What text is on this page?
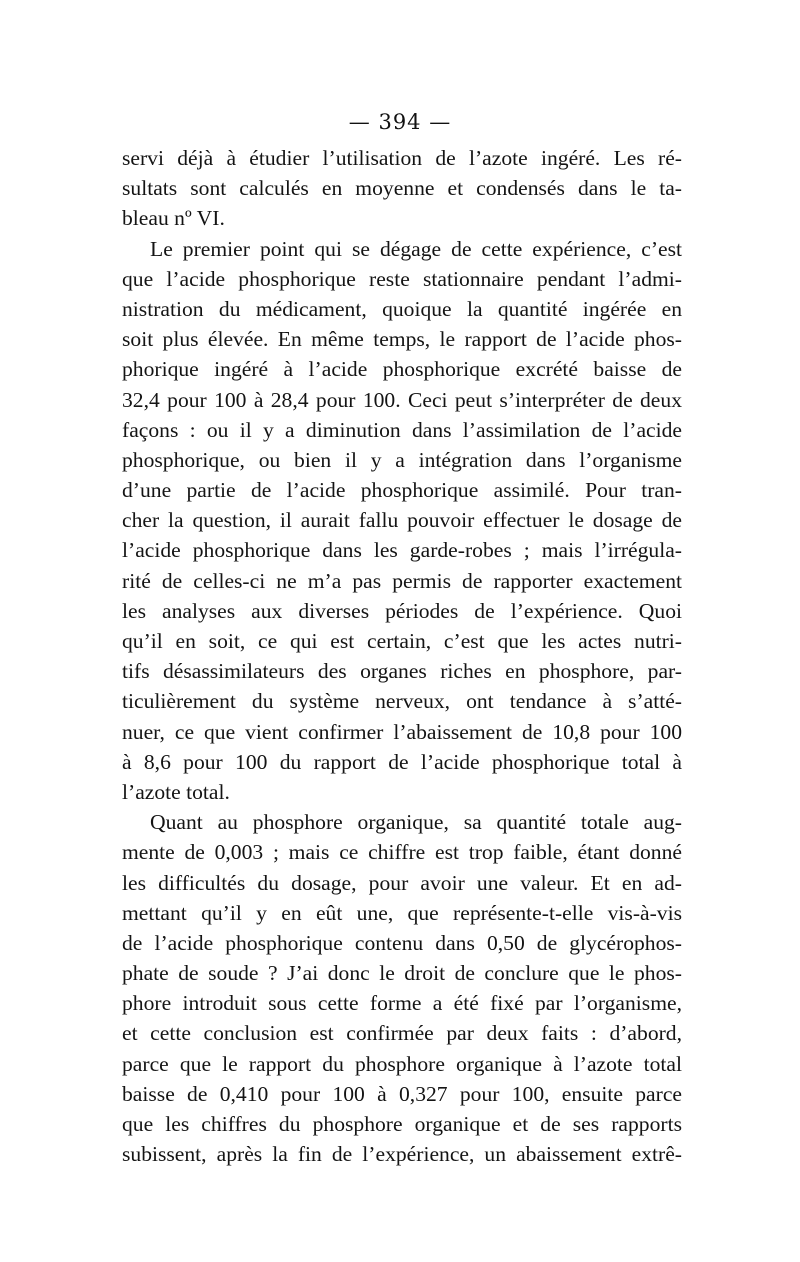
— 394 —
servi déjà à étudier l’utilisation de l’azote ingéré. Les ré-
sultats sont calculés en moyenne et condensés dans le ta-
bleau nº VI.
Le premier point qui se dégage de cette expérience, c’est
que l’acide phosphorique reste stationnaire pendant l’admi-
nistration du médicament, quoique la quantité ingérée en
soit plus élevée. En même temps, le rapport de l’acide phos-
phorique ingéré à l’acide phosphorique excrété baisse de
32,4 pour 100 à 28,4 pour 100. Ceci peut s’interpréter de deux
façons : ou il y a diminution dans l’assimilation de l’acide
phosphorique, ou bien il y a intégration dans l’organisme
d’une partie de l’acide phosphorique assimilé. Pour tran-
cher la question, il aurait fallu pouvoir effectuer le dosage de
l’acide phosphorique dans les garde-robes ; mais l’irrégula-
rité de celles-ci ne m’a pas permis de rapporter exactement
les analyses aux diverses périodes de l’expérience. Quoi
qu’il en soit, ce qui est certain, c’est que les actes nutri-
tifs désassimilateurs des organes riches en phosphore, par-
ticulièrement du système nerveux, ont tendance à s’atté-
nuer, ce que vient confirmer l’abaissement de 10,8 pour 100
à 8,6 pour 100 du rapport de l’acide phosphorique total à
l’azote total.
Quant au phosphore organique, sa quantité totale aug-
mente de 0,003 ; mais ce chiffre est trop faible, étant donné
les difficultés du dosage, pour avoir une valeur. Et en ad-
mettant qu’il y en eût une, que représente-t-elle vis-à-vis
de l’acide phosphorique contenu dans 0,50 de glycérophos-
phate de soude ? J’ai donc le droit de conclure que le phos-
phore introduit sous cette forme a été fixé par l’organisme,
et cette conclusion est confirmée par deux faits : d’abord,
parce que le rapport du phosphore organique à l’azote total
baisse de 0,410 pour 100 à 0,327 pour 100, ensuite parce
que les chiffres du phosphore organique et de ses rapports
subissent, après la fin de l’expérience, un abaissement extrê-
